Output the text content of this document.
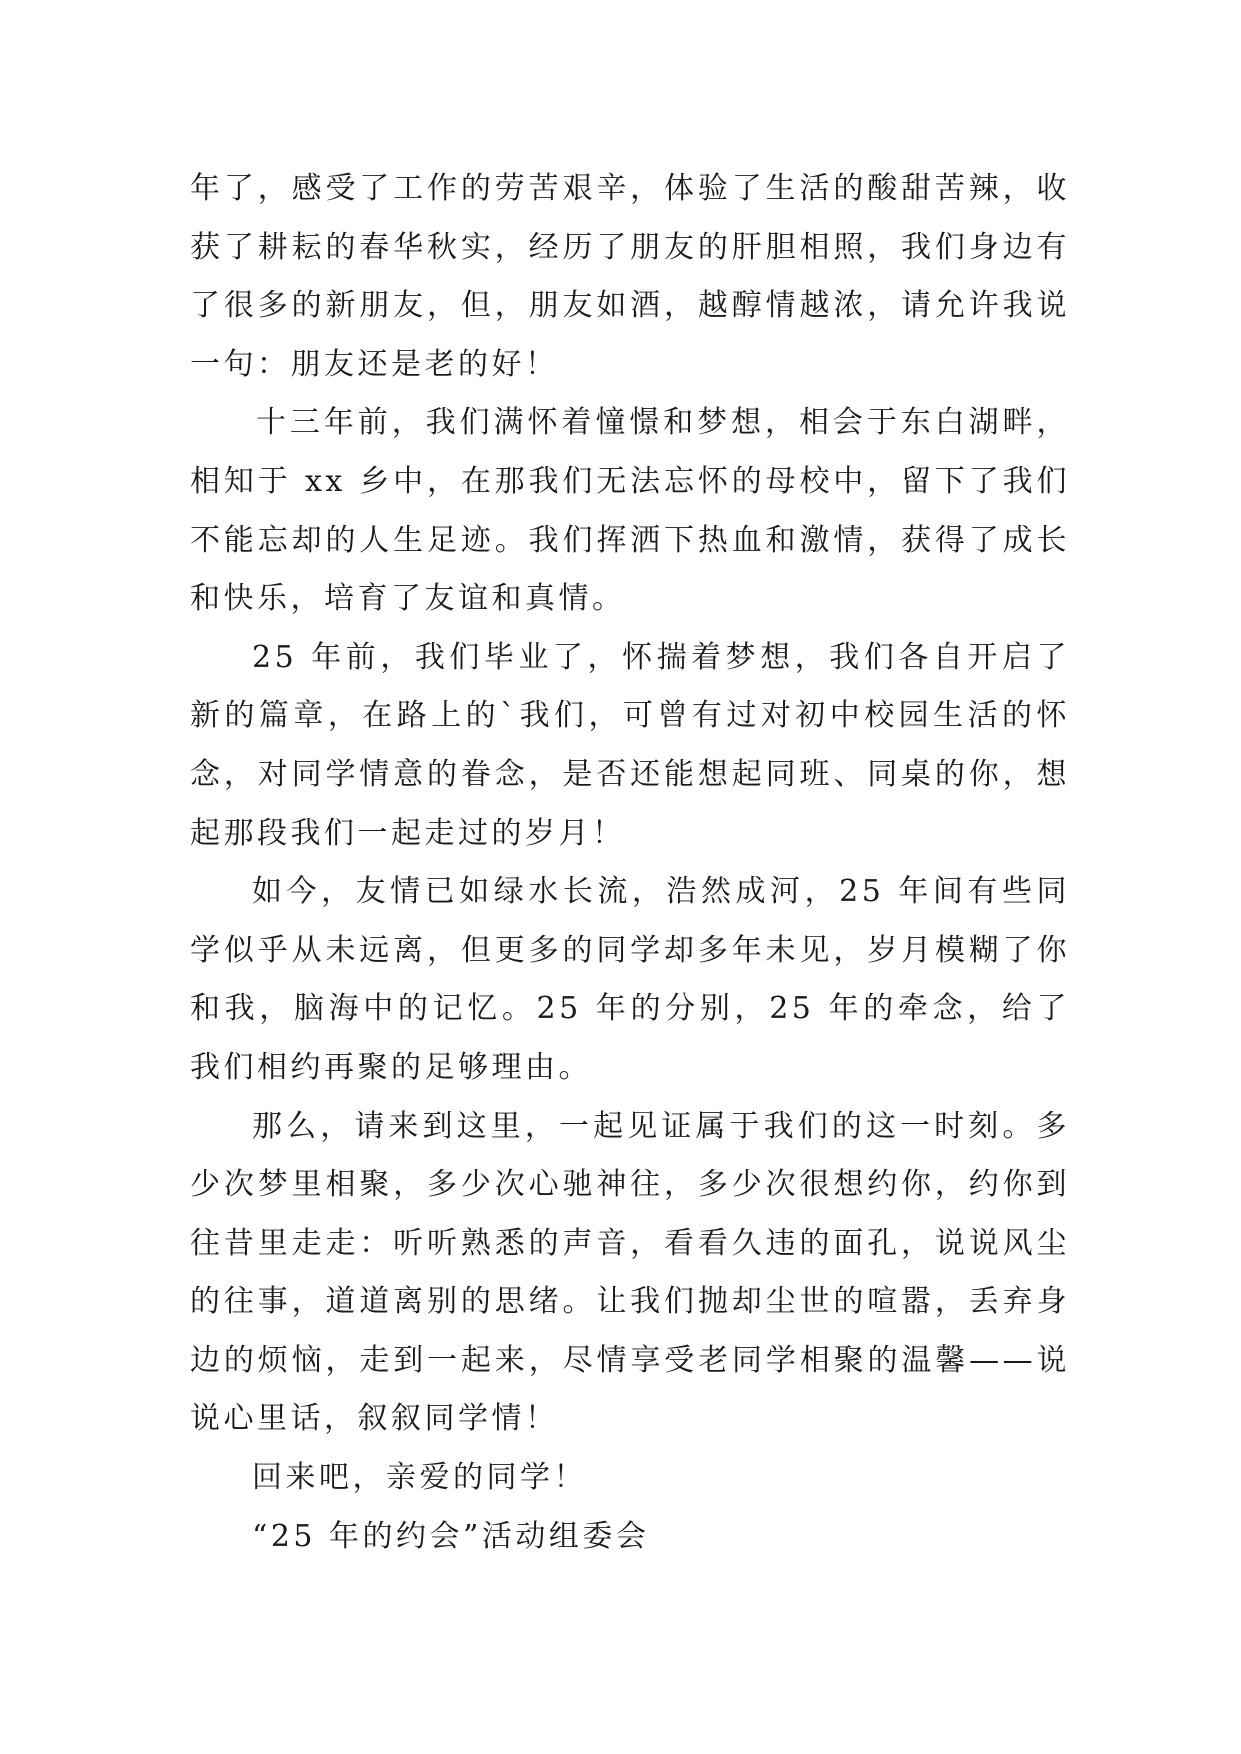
年了，感受了工作的劳苦艰辛，体验了生活的酸甜苦辣，收获了耕耘的春华秋实，经历了朋友的肝胆相照，我们身边有了很多的新朋友，但，朋友如酒，越醇情越浓，请允许我说一句：朋友还是老的好！

十三年前，我们满怀着憧憬和梦想，相会于东白湖畔，相知于 xx 乡中，在那我们无法忘怀的母校中，留下了我们不能忘却的人生足迹。我们挥洒下热血和激情，获得了成长和快乐，培育了友谊和真情。

25 年前，我们毕业了，怀揣着梦想，我们各自开启了新的篇章，在路上的`我们，可曾有过对初中校园生活的怀念，对同学情意的眷念，是否还能想起同班、同桌的你，想起那段我们一起走过的岁月！

如今，友情已如绿水长流，浩然成河，25 年间有些同学似乎从未远离，但更多的同学却多年未见，岁月模糊了你和我，脑海中的记忆。25 年的分别，25 年的牵念，给了我们相约再聚的足够理由。

那么，请来到这里，一起见证属于我们的这一时刻。多少次梦里相聚，多少次心驰神往，多少次很想约你，约你到往昔里走走：听听熟悉的声音，看看久违的面孔，说说风尘的往事，道道离别的思绪。让我们抛却尘世的喧嚣，丢弃身边的烦恼，走到一起来，尽情享受老同学相聚的温馨——说说心里话，叙叙同学情！

回来吧，亲爱的同学！

“25 年的约会”活动组委会
